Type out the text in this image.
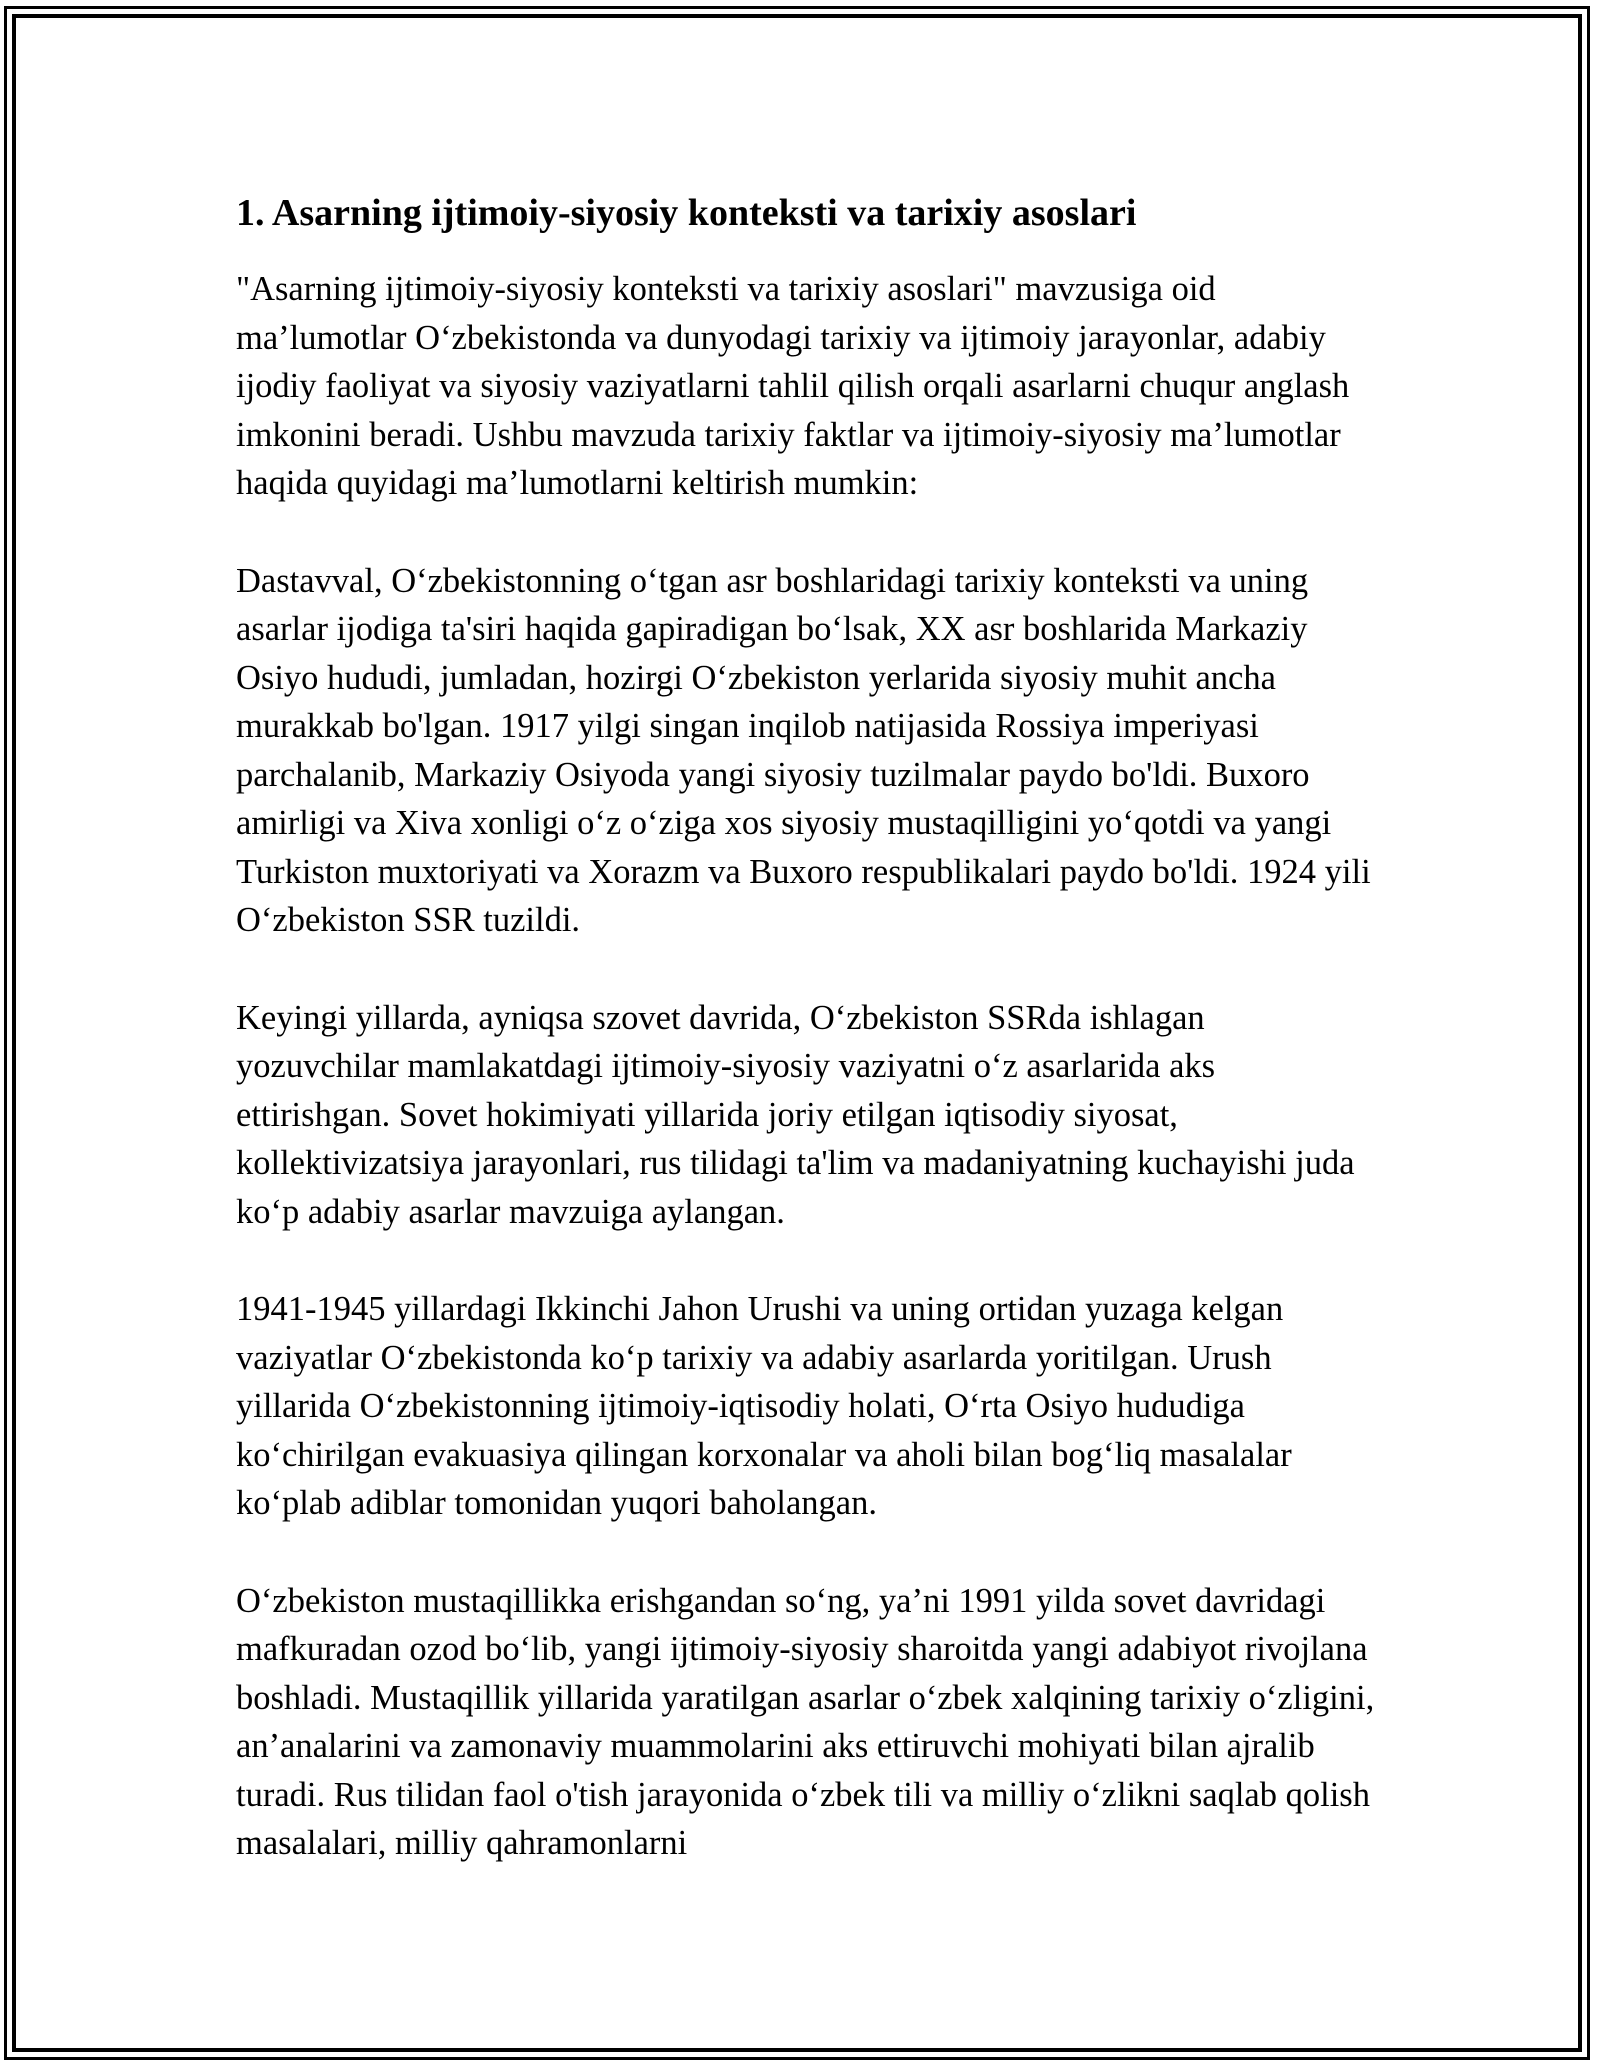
1. Asarning ijtimoiy-siyosiy konteksti va tarixiy asoslari

"Asarning ijtimoiy-siyosiy konteksti va tarixiy asoslari" mavzusiga oid ma’lumotlar O‘zbekistonda va dunyodagi tarixiy va ijtimoiy jarayonlar, adabiy ijodiy faoliyat va siyosiy vaziyatlarni tahlil qilish orqali asarlarni chuqur anglash imkonini beradi. Ushbu mavzuda tarixiy faktlar va ijtimoiy-siyosiy ma’lumotlar haqida quyidagi ma’lumotlarni keltirish mumkin:

Dastavval, O‘zbekistonning o‘tgan asr boshlaridagi tarixiy konteksti va uning asarlar ijodiga ta'siri haqida gapiradigan bo‘lsak, XX asr boshlarida Markaziy Osiyo hududi, jumladan, hozirgi O‘zbekiston yerlarida siyosiy muhit ancha murakkab bo'lgan. 1917 yilgi singan inqilob natijasida Rossiya imperiyasi parchalanib, Markaziy Osiyoda yangi siyosiy tuzilmalar paydo bo'ldi. Buxoro amirligi va Xiva xonligi o‘z o‘ziga xos siyosiy mustaqilligini yo‘qotdi va yangi Turkiston muxtoriyati va Xorazm va Buxoro respublikalari paydo bo'ldi. 1924 yili O‘zbekiston SSR tuzildi.

Keyingi yillarda, ayniqsa szovet davrida, O‘zbekiston SSRda ishlagan yozuvchilar mamlakatdagi ijtimoiy-siyosiy vaziyatni o‘z asarlarida aks ettirishgan. Sovet hokimiyati yillarida joriy etilgan iqtisodiy siyosat, kollektivizatsiya jarayonlari, rus tilidagi ta'lim va madaniyatning kuchayishi juda ko‘p adabiy asarlar mavzuiga aylangan.

1941-1945 yillardagi Ikkinchi Jahon Urushi va uning ortidan yuzaga kelgan vaziyatlar O‘zbekistonda ko‘p tarixiy va adabiy asarlarda yoritilgan. Urush yillarida O‘zbekistonning ijtimoiy-iqtisodiy holati, O‘rta Osiyo hududiga ko‘chirilgan evakuasiya qilingan korxonalar va aholi bilan bog‘liq masalalar ko‘plab adiblar tomonidan yuqori baholangan.

O‘zbekiston mustaqillikka erishgandan so‘ng, ya’ni 1991 yilda sovet davridagi mafkuradan ozod bo‘lib, yangi ijtimoiy-siyosiy sharoitda yangi adabiyot rivojlana boshladi. Mustaqillik yillarida yaratilgan asarlar o‘zbek xalqining tarixiy o‘zligini, an’analarini va zamonaviy muammolarini aks ettiruvchi mohiyati bilan ajralib turadi. Rus tilidan faol o'tish jarayonida o‘zbek tili va milliy o‘zlikni saqlab qolish masalalari, milliy qahramonlarni
